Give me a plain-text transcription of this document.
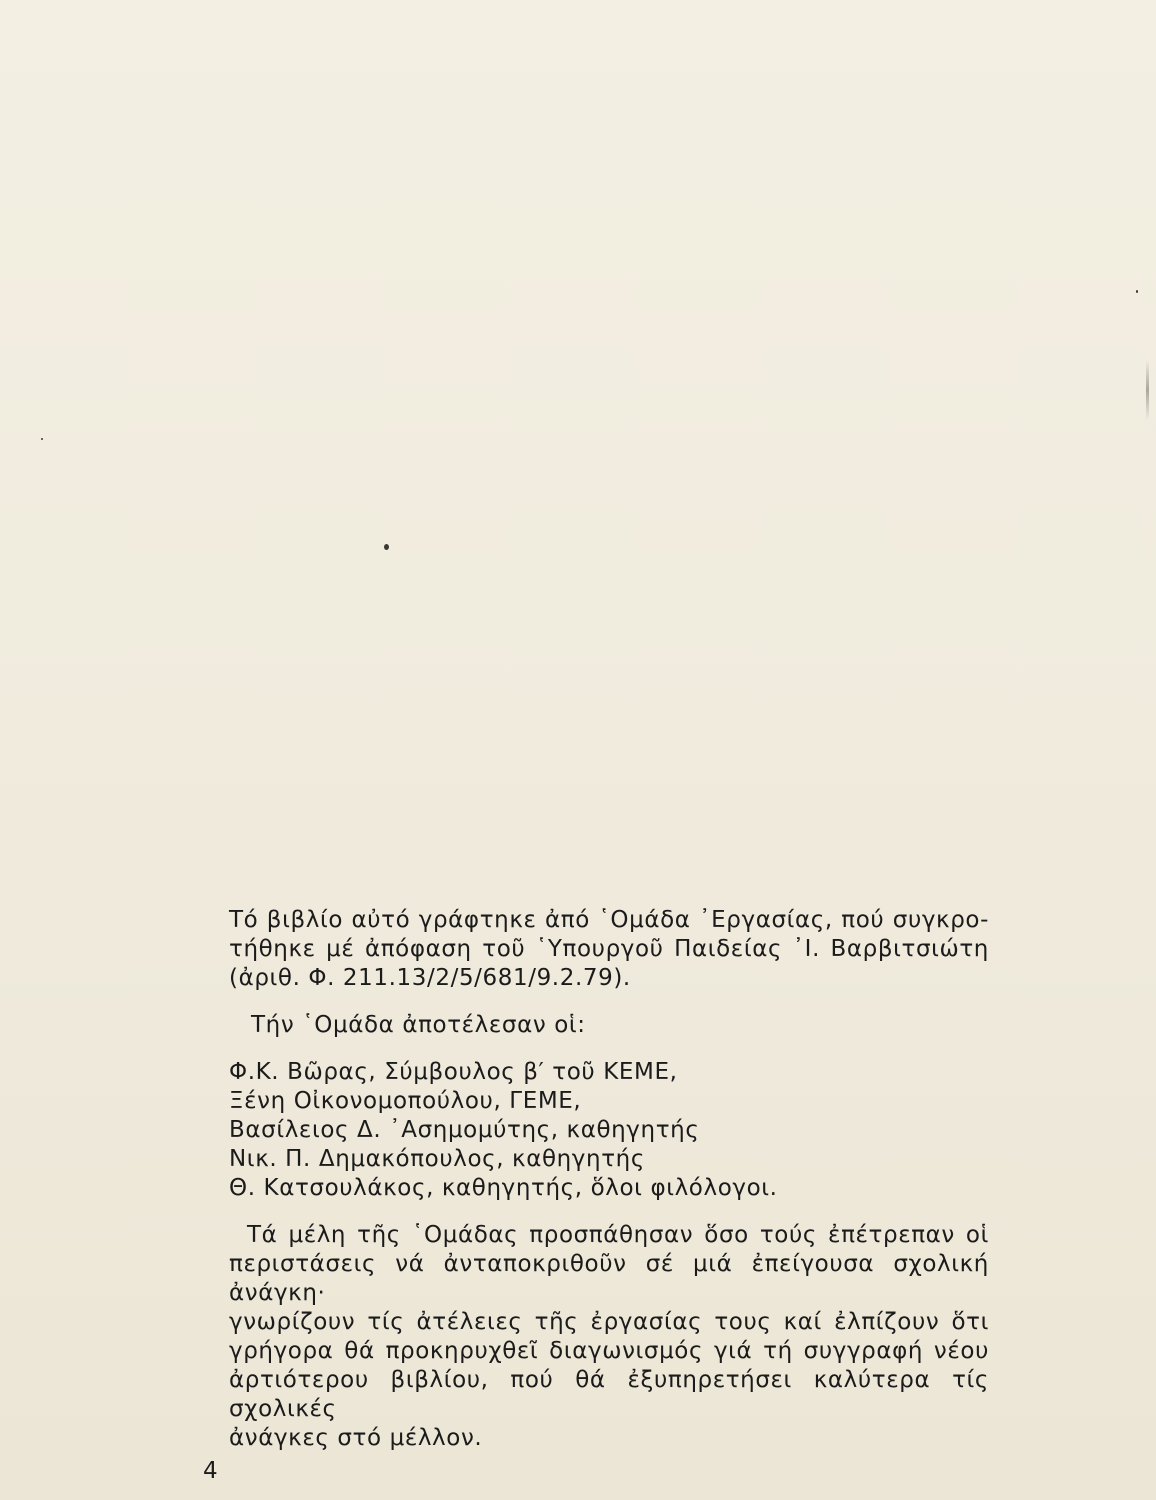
Τό βιβλίο αὐτό γράφτηκε ἀπό ῾Ομάδα ᾿Εργασίας, πού συγκρο-
τήθηκε μέ ἀπόφαση τοῦ ῾Υπουργοῦ Παιδείας ᾿Ι. Βαρβιτσιώτη
(ἀριθ. Φ. 211.13/2/5/681/9.2.79).

Τήν ῾Ομάδα ἀποτέλεσαν οἱ:

Φ.Κ. Βῶρας, Σύμβουλος β′ τοῦ ΚΕΜΕ,
Ξένη Οἰκονομοπούλου, ΓΕΜΕ,
Βασίλειος Δ. ᾿Ασημομύτης, καθηγητής
Νικ. Π. Δημακόπουλος, καθηγητής
Θ. Κατσουλάκος, καθηγητής, ὅλοι φιλόλογοι.

Τά μέλη τῆς ῾Ομάδας προσπάθησαν ὅσο τούς ἐπέτρεπαν οἱ
περιστάσεις νά ἀνταποκριθοῦν σέ μιά ἐπείγουσα σχολική ἀνάγκη·
γνωρίζουν τίς ἀτέλειες τῆς ἐργασίας τους καί ἐλπίζουν ὅτι
γρήγορα θά προκηρυχθεῖ διαγωνισμός γιά τή συγγραφή νέου
ἀρτιότερου βιβλίου, πού θά ἐξυπηρετήσει καλύτερα τίς σχολικές
ἀνάγκες στό μέλλον.

4
